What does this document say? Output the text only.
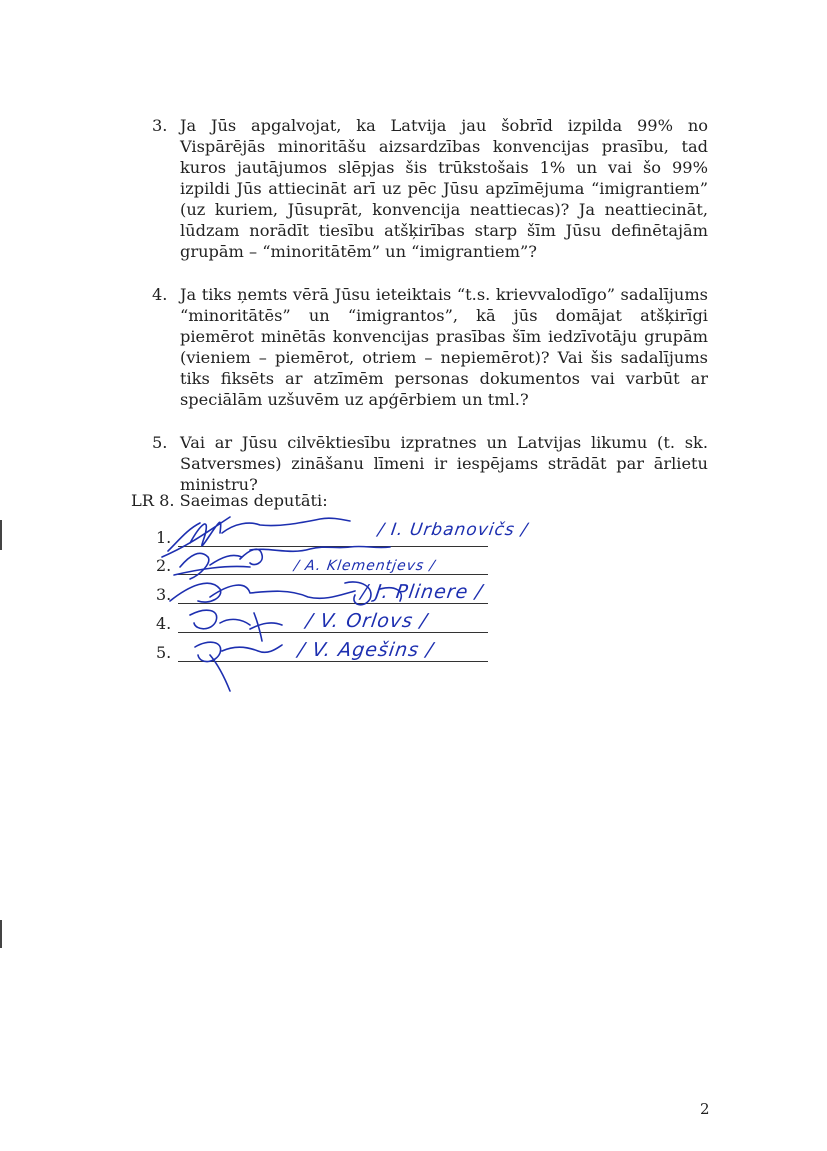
3. Ja Jūs apgalvojat, ka Latvija jau šobrīd izpilda 99% no Vispārējās minoritāšu aizsardzības konvencijas prasību, tad kuros jautājumos slēpjas šis trūkstošais 1% un vai šo 99% izpildi Jūs attiecināt arī uz pēc Jūsu apzīmējuma “imigrantiem” (uz kuriem, Jūsuprāt, konvencija neattiecas)? Ja neattiecināt, lūdzam norādīt tiesību atšķirības starp šīm Jūsu definētajām grupām – “minoritātēm” un “imigrantiem”?

4. Ja tiks ņemts vērā Jūsu ieteiktais “t.s. krievvalodīgo” sadalījums “minoritātēs” un “imigrantos”, kā jūs domājat atšķirīgi piemērot minētās konvencijas prasības šīm iedzīvotāju grupām (vieniem – piemērot, otriem – nepiemērot)? Vai šis sadalījums tiks fiksēts ar atzīmēm personas dokumentos vai varbūt ar speciālām uzšuvēm uz apģērbiem un tml.?

5. Vai ar Jūsu cilvēktiesību izpratnes un Latvijas likumu (t. sk. Satversmes) zināšanu līmeni ir iespējams strādāt par ārlietu ministru?

LR 8. Saeimas deputāti:
1.	/ I. Urbanovičs /
2.	/ A. Klementjevs /
3.	/ J. Plinere /
4.	/ V. Orlovs /
5.	/ V. Agešins /
2
